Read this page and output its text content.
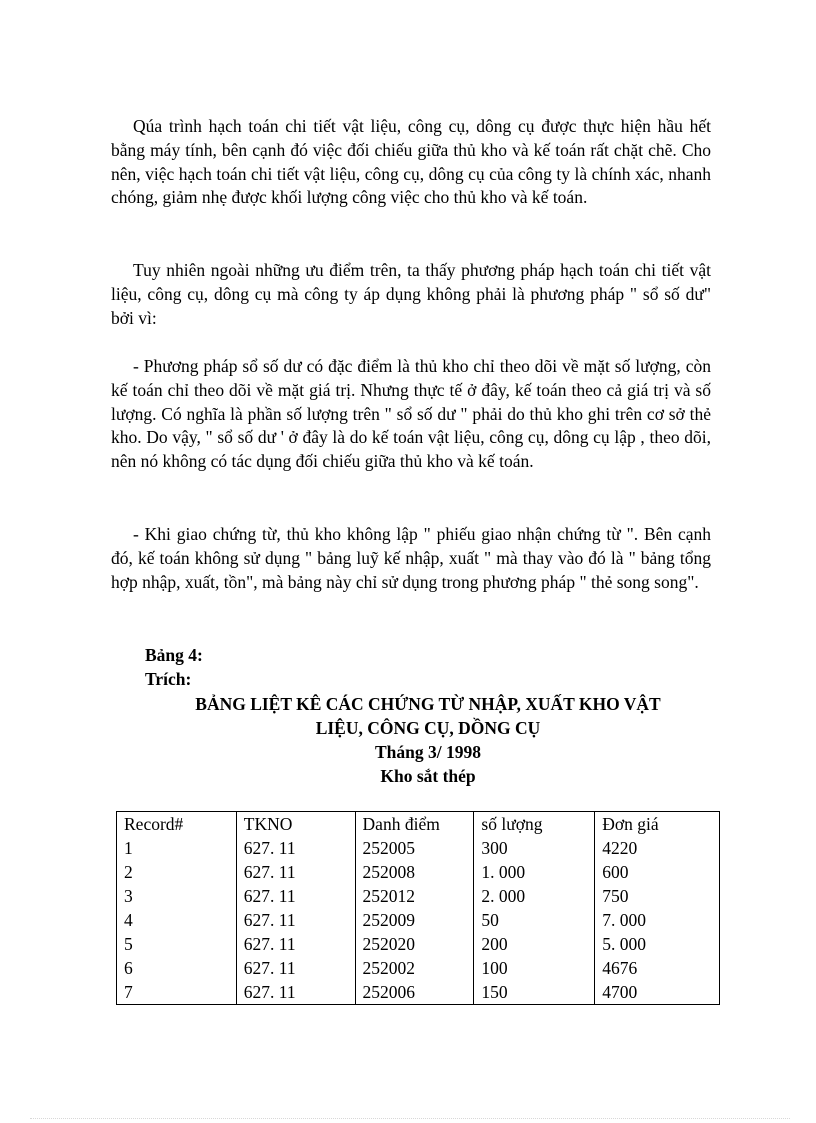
Qúa trình hạch toán chi tiết vật liệu, công cụ, dông cụ được thực hiện hầu hết bằng máy tính, bên cạnh đó việc đối chiếu giữa thủ kho và kế toán rất chặt chẽ. Cho nên, việc hạch toán chi tiết vật liệu, công cụ, dông cụ của công ty là chính xác, nhanh chóng, giảm nhẹ được khối lượng công việc cho thủ kho và kế toán.

Tuy nhiên ngoài những ưu điểm trên, ta thấy phương pháp hạch toán chi tiết vật liệu, công cụ, dông cụ mà công ty áp dụng không phải là phương pháp " sổ số dư" bởi vì:

- Phương pháp sổ số dư có đặc điểm là thủ kho chỉ theo dõi về mặt số lượng, còn kế toán chỉ theo dõi về mặt giá trị. Nhưng thực tế ở đây, kế toán theo cả giá trị và số lượng. Có nghĩa là phần số lượng trên " sổ số dư " phải do thủ kho ghi trên cơ sở thẻ kho. Do vậy, " sổ số dư ' ở đây là do kế toán vật liệu, công cụ, dông cụ lập , theo dõi, nên nó không có tác dụng đối chiếu giữa thủ kho và kế toán.

- Khi giao chứng từ, thủ kho không lập " phiếu giao nhận chứng từ ". Bên cạnh đó, kế toán không sử dụng " bảng luỹ kế nhập, xuất " mà thay vào đó là " bảng tổng hợp nhập, xuất, tồn", mà bảng này chỉ sử dụng trong phương pháp " thẻ song song".

Bảng 4:
Trích:
BẢNG LIỆT KÊ CÁC CHỨNG TỪ NHẬP, XUẤT KHO VẬT
LIỆU, CÔNG CỤ, DỒNG CỤ
Tháng 3/ 1998
Kho sắt thép
Record#	TKNO	Danh điểm	số lượng	Đơn giá
1	627. 11	252005	300	4220
2	627. 11	252008	1. 000	600
3	627. 11	252012	2. 000	750
4	627. 11	252009	50	7. 000
5	627. 11	252020	200	5. 000
6	627. 11	252002	100	4676
7	627. 11	252006	150	4700
